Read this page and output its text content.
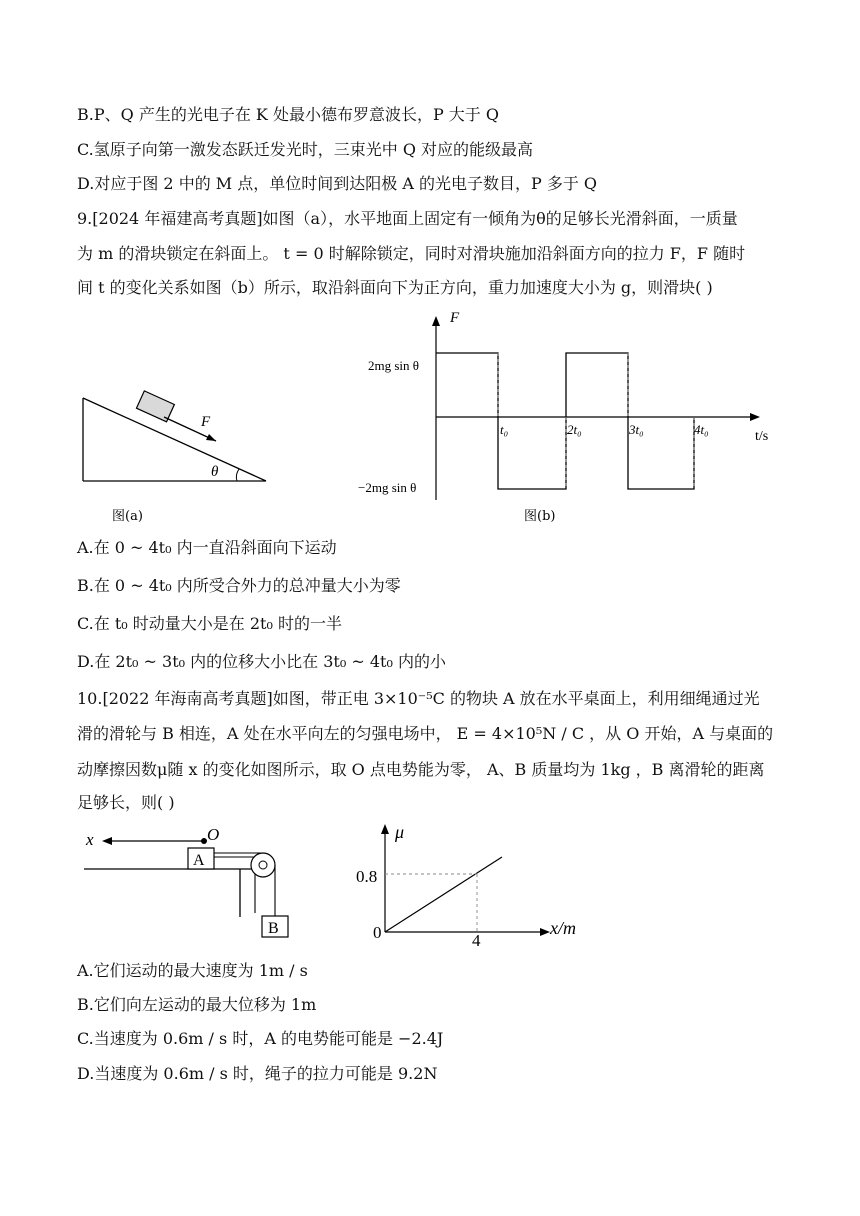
B.P、Q 产生的光电子在 K 处最小德布罗意波长，P 大于 Q
C.氢原子向第一激发态跃迁发光时，三束光中 Q 对应的能级最高
D.对应于图 2 中的 M 点，单位时间到达阳极 A 的光电子数目，P 多于 Q
9.[2024 年福建高考真题]如图（a），水平地面上固定有一倾角为θ的足够长光滑斜面，一质量
为 m 的滑块锁定在斜面上。 t = 0 时解除锁定，同时对滑块施加沿斜面方向的拉力 F，F 随时
间 t 的变化关系如图（b）所示，取沿斜面向下为正方向，重力加速度大小为 g，则滑块( )
F
θ
图(a)
F
t/s
2mg sin θ
−2mg sin θ
t₀	2t₀	3t₀	4t₀
图(b)
A.在 0 ~ 4t₀ 内一直沿斜面向下运动
B.在 0 ~ 4t₀ 内所受合外力的总冲量大小为零
C.在 t₀ 时动量大小是在 2t₀ 时的一半
D.在 2t₀ ~ 3t₀ 内的位移大小比在 3t₀ ~ 4t₀ 内的小
10.[2022 年海南高考真题]如图，带正电 3×10⁻⁵C 的物块 A 放在水平桌面上，利用细绳通过光
滑的滑轮与 B 相连，A 处在水平向左的匀强电场中， E = 4×10⁵N / C ，从 O 开始，A 与桌面的
动摩擦因数μ随 x 的变化如图所示，取 O 点电势能为零， A、B 质量均为 1kg ，B 离滑轮的距离
足够长，则( )
x	O
A
B
μ
x/m
0
0.8
4
A.它们运动的最大速度为 1m / s
B.它们向左运动的最大位移为 1m
C.当速度为 0.6m / s 时，A 的电势能可能是 −2.4J
D.当速度为 0.6m / s 时，绳子的拉力可能是 9.2N
